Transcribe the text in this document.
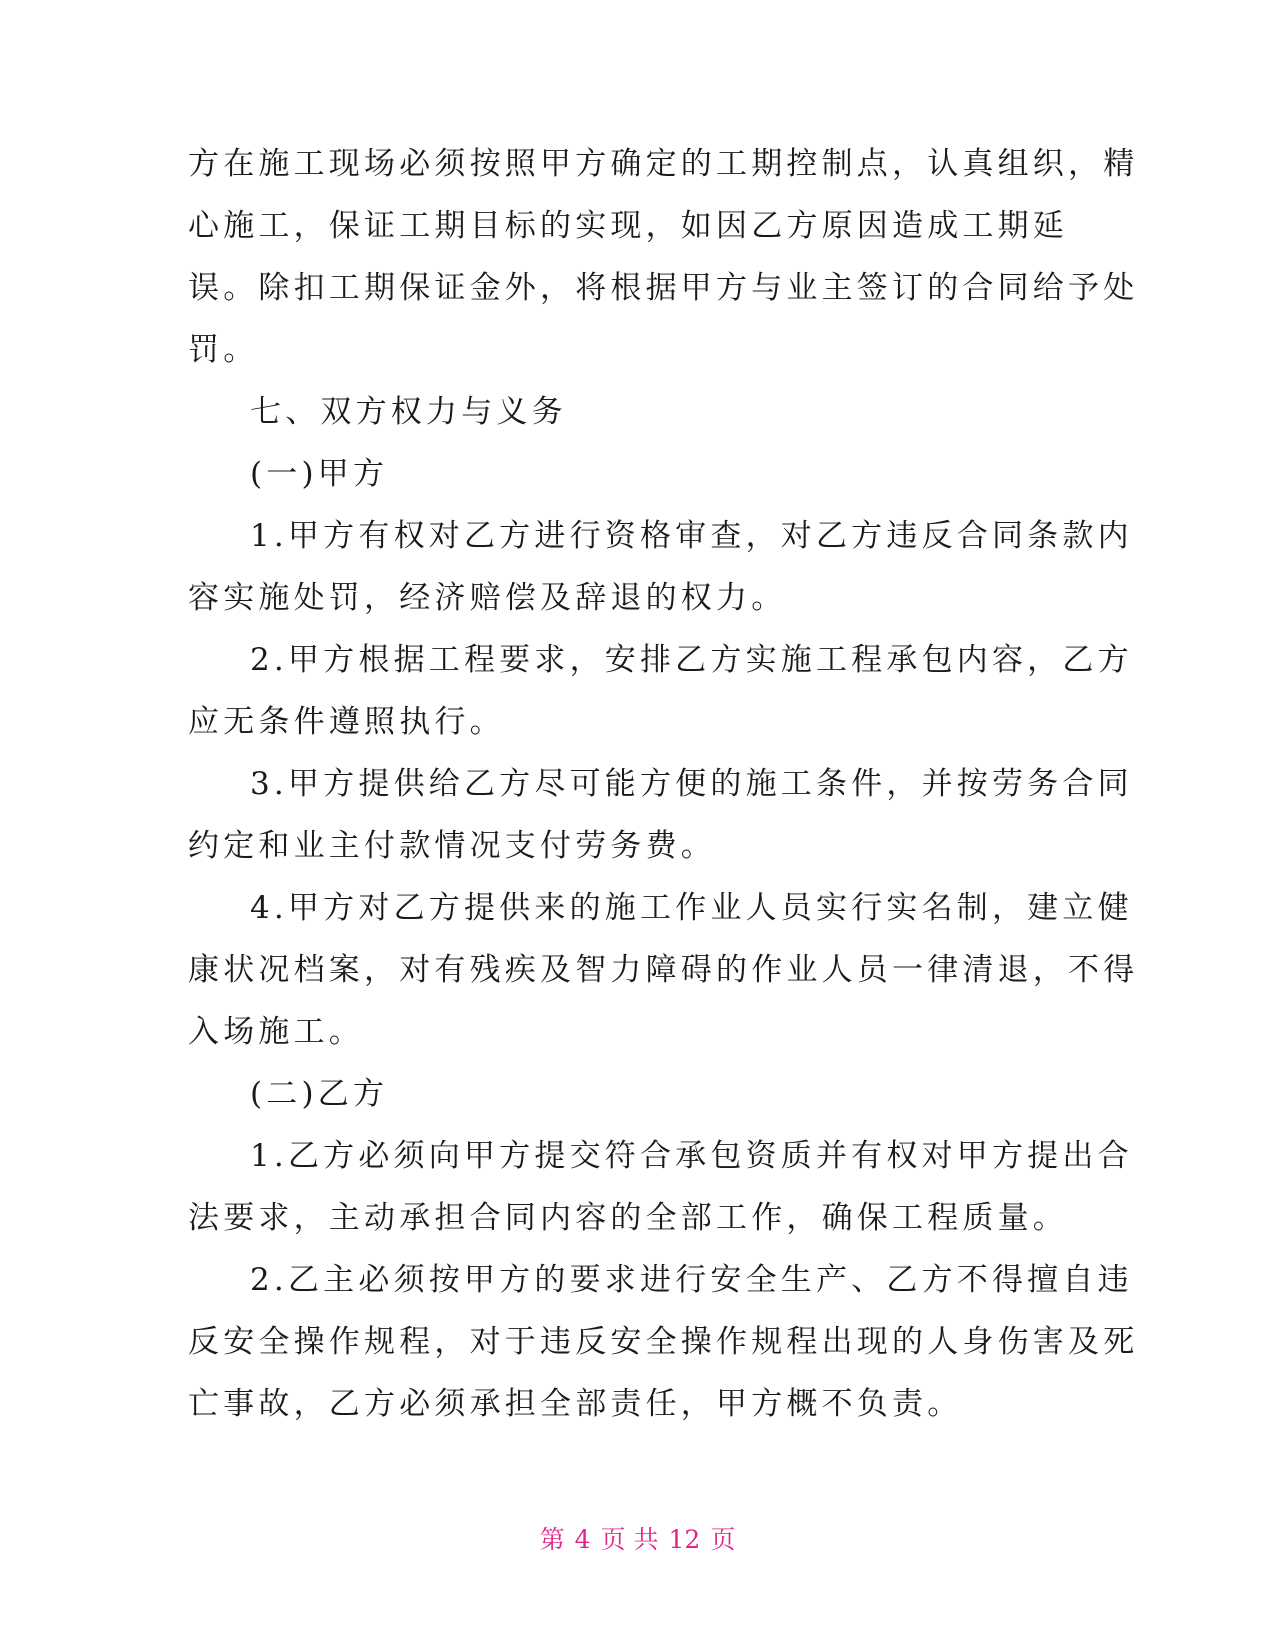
方在施工现场必须按照甲方确定的工期控制点，认真组织，精

心施工，保证工期目标的实现，如因乙方原因造成工期延

误。除扣工期保证金外，将根据甲方与业主签订的合同给予处

罚。

七、双方权力与义务

(一)甲方

1.甲方有权对乙方进行资格审查，对乙方违反合同条款内

容实施处罚，经济赔偿及辞退的权力。

2.甲方根据工程要求，安排乙方实施工程承包内容，乙方

应无条件遵照执行。

3.甲方提供给乙方尽可能方便的施工条件，并按劳务合同

约定和业主付款情况支付劳务费。

4.甲方对乙方提供来的施工作业人员实行实名制，建立健

康状况档案，对有残疾及智力障碍的作业人员一律清退，不得

入场施工。

(二)乙方

1.乙方必须向甲方提交符合承包资质并有权对甲方提出合

法要求，主动承担合同内容的全部工作，确保工程质量。

2.乙主必须按甲方的要求进行安全生产、乙方不得擅自违

反安全操作规程，对于违反安全操作规程出现的人身伤害及死

亡事故，乙方必须承担全部责任，甲方概不负责。

第 4 页 共 12 页
